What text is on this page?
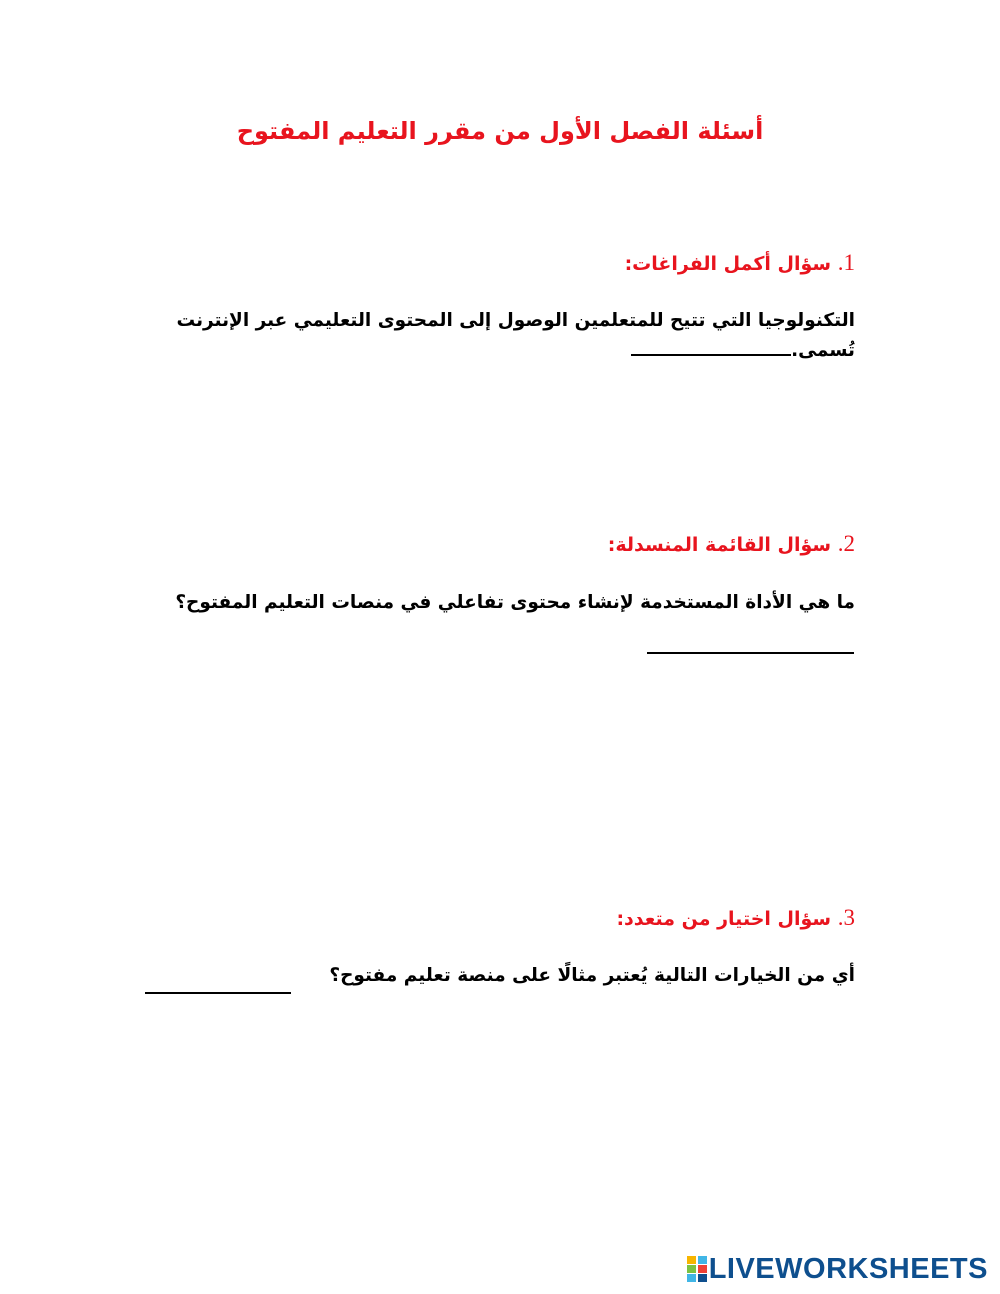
أسئلة الفصل الأول من مقرر التعليم المفتوح
1. سؤال أكمل الفراغات:
التكنولوجيا التي تتيح للمتعلمين الوصول إلى المحتوى التعليمي عبر الإنترنت
تُسمى.
2. سؤال القائمة المنسدلة:
ما هي الأداة المستخدمة لإنشاء محتوى تفاعلي في منصات التعليم المفتوح؟
3. سؤال اختيار من متعدد:
أي من الخيارات التالية يُعتبر مثالًا على منصة تعليم مفتوح؟
LIVEWORKSHEETS
